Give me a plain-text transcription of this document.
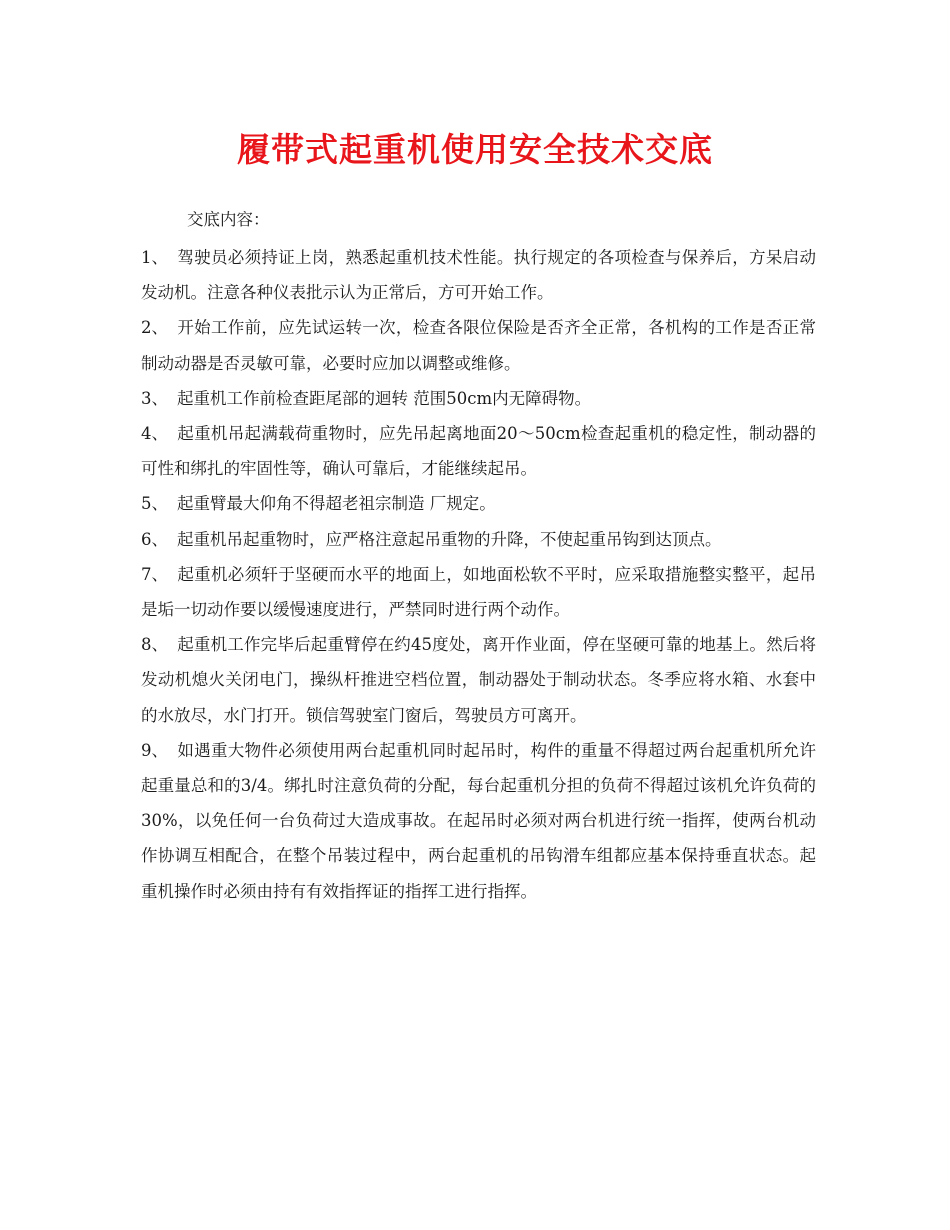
履带式起重机使用安全技术交底

交底内容：

1、 驾驶员必须持证上岗，熟悉起重机技术性能。执行规定的各项检查与保养后，方呆启动发动机。注意各种仪表批示认为正常后，方可开始工作。
2、 开始工作前，应先试运转一次，检查各限位保险是否齐全正常，各机构的工作是否正常制动动器是否灵敏可靠，必要时应加以调整或维修。
3、 起重机工作前检查距尾部的迴转 范围50cm内无障碍物。
4、 起重机吊起满载荷重物时，应先吊起离地面20～50cm检查起重机的稳定性，制动器的可性和绑扎的牢固性等，确认可靠后，才能继续起吊。
5、 起重臂最大仰角不得超老祖宗制造 厂规定。
6、 起重机吊起重物时，应严格注意起吊重物的升降，不使起重吊钩到达顶点。
7、 起重机必须轩于坚硬而水平的地面上，如地面松软不平时，应采取措施整实整平，起吊是垢一切动作要以缓慢速度进行，严禁同时进行两个动作。
8、 起重机工作完毕后起重臂停在约45度处，离开作业面，停在坚硬可靠的地基上。然后将发动机熄火关闭电门，操纵杆推进空档位置，制动器处于制动状态。冬季应将水箱、水套中的水放尽，水门打开。锁信驾驶室门窗后，驾驶员方可离开。
9、 如遇重大物件必须使用两台起重机同时起吊时，构件的重量不得超过两台起重机所允许起重量总和的3/4。绑扎时注意负荷的分配，每台起重机分担的负荷不得超过该机允许负荷的30%，以免任何一台负荷过大造成事故。在起吊时必须对两台机进行统一指挥，使两台机动作协调互相配合，在整个吊装过程中，两台起重机的吊钩滑车组都应基本保持垂直状态。起重机操作时必须由持有有效指挥证的指挥工进行指挥。
